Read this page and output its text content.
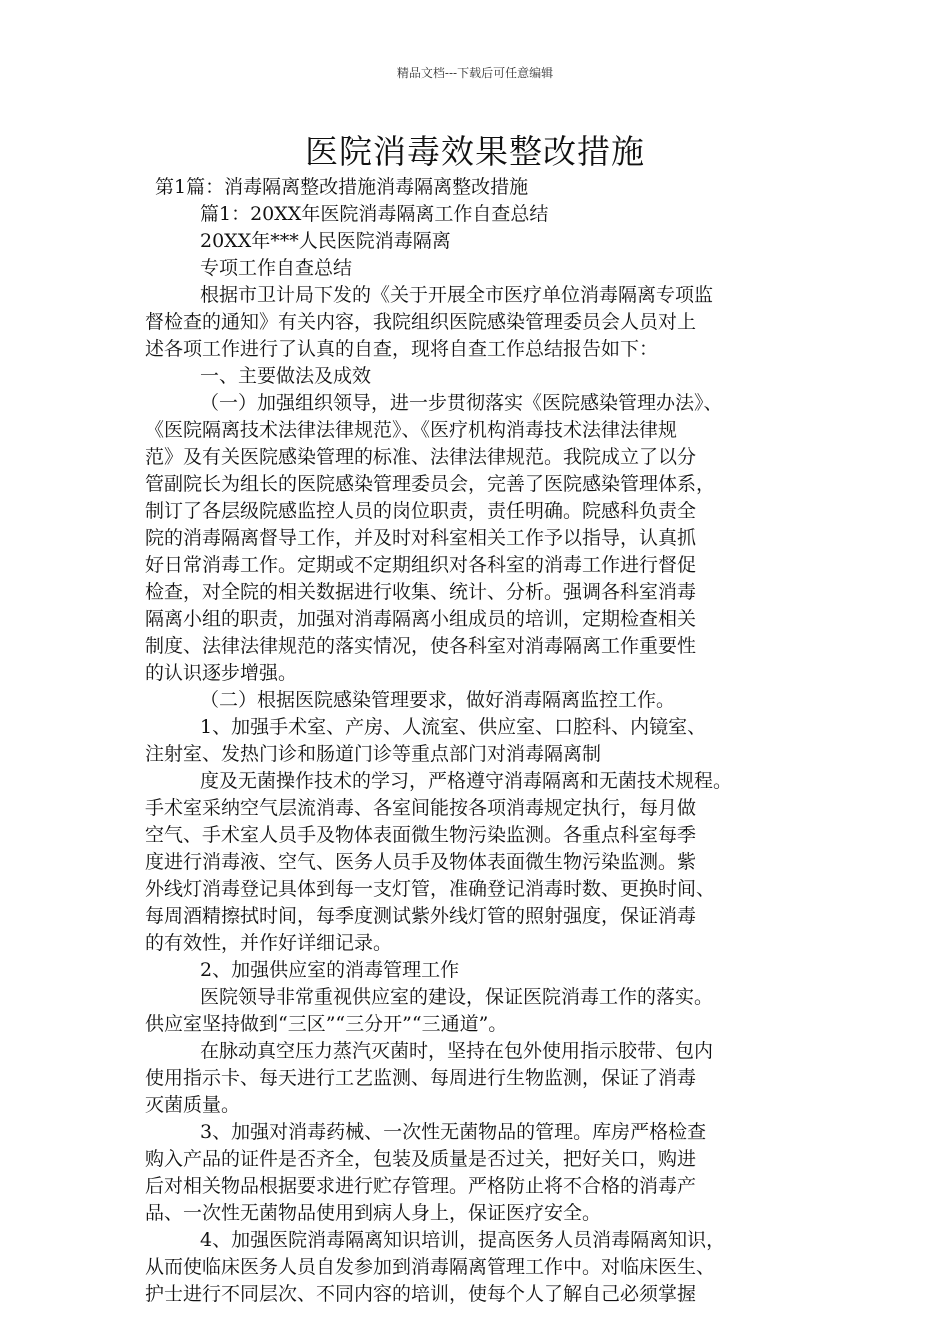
精品文档---下载后可任意编辑
医院消毒效果整改措施
第1篇：消毒隔离整改措施消毒隔离整改措施
篇1：20XX年医院消毒隔离工作自查总结
20XX年***人民医院消毒隔离
专项工作自查总结
根据市卫计局下发的《关于开展全市医疗单位消毒隔离专项监
督检查的通知》有关内容，我院组织医院感染管理委员会人员对上
述各项工作进行了认真的自查，现将自查工作总结报告如下：
一、主要做法及成效
（一）加强组织领导，进一步贯彻落实《医院感染管理办法》、
《医院隔离技术法律法律规范》、《医疗机构消毒技术法律法律规
范》及有关医院感染管理的标准、法律法律规范。我院成立了以分
管副院长为组长的医院感染管理委员会，完善了医院感染管理体系，
制订了各层级院感监控人员的岗位职责，责任明确。院感科负责全
院的消毒隔离督导工作，并及时对科室相关工作予以指导，认真抓
好日常消毒工作。定期或不定期组织对各科室的消毒工作进行督促
检查，对全院的相关数据进行收集、统计、分析。强调各科室消毒
隔离小组的职责，加强对消毒隔离小组成员的培训，定期检查相关
制度、法律法律规范的落实情况，使各科室对消毒隔离工作重要性
的认识逐步增强。
（二）根据医院感染管理要求，做好消毒隔离监控工作。
1、加强手术室、产房、人流室、供应室、口腔科、内镜室、
注射室、发热门诊和肠道门诊等重点部门对消毒隔离制
度及无菌操作技术的学习，严格遵守消毒隔离和无菌技术规程。
手术室采纳空气层流消毒、各室间能按各项消毒规定执行，每月做
空气、手术室人员手及物体表面微生物污染监测。各重点科室每季
度进行消毒液、空气、医务人员手及物体表面微生物污染监测。紫
外线灯消毒登记具体到每一支灯管，准确登记消毒时数、更换时间、
每周酒精擦拭时间，每季度测试紫外线灯管的照射强度，保证消毒
的有效性，并作好详细记录。
2、加强供应室的消毒管理工作
医院领导非常重视供应室的建设，保证医院消毒工作的落实。
供应室坚持做到“三区”“三分开”“三通道”。
在脉动真空压力蒸汽灭菌时，坚持在包外使用指示胶带、包内
使用指示卡、每天进行工艺监测、每周进行生物监测，保证了消毒
灭菌质量。
3、加强对消毒药械、一次性无菌物品的管理。库房严格检查
购入产品的证件是否齐全，包装及质量是否过关，把好关口，购进
后对相关物品根据要求进行贮存管理。严格防止将不合格的消毒产
品、一次性无菌物品使用到病人身上，保证医疗安全。
4、加强医院消毒隔离知识培训，提高医务人员消毒隔离知识，
从而使临床医务人员自发参加到消毒隔离管理工作中。对临床医生、
护士进行不同层次、不同内容的培训，使每个人了解自己必须掌握
